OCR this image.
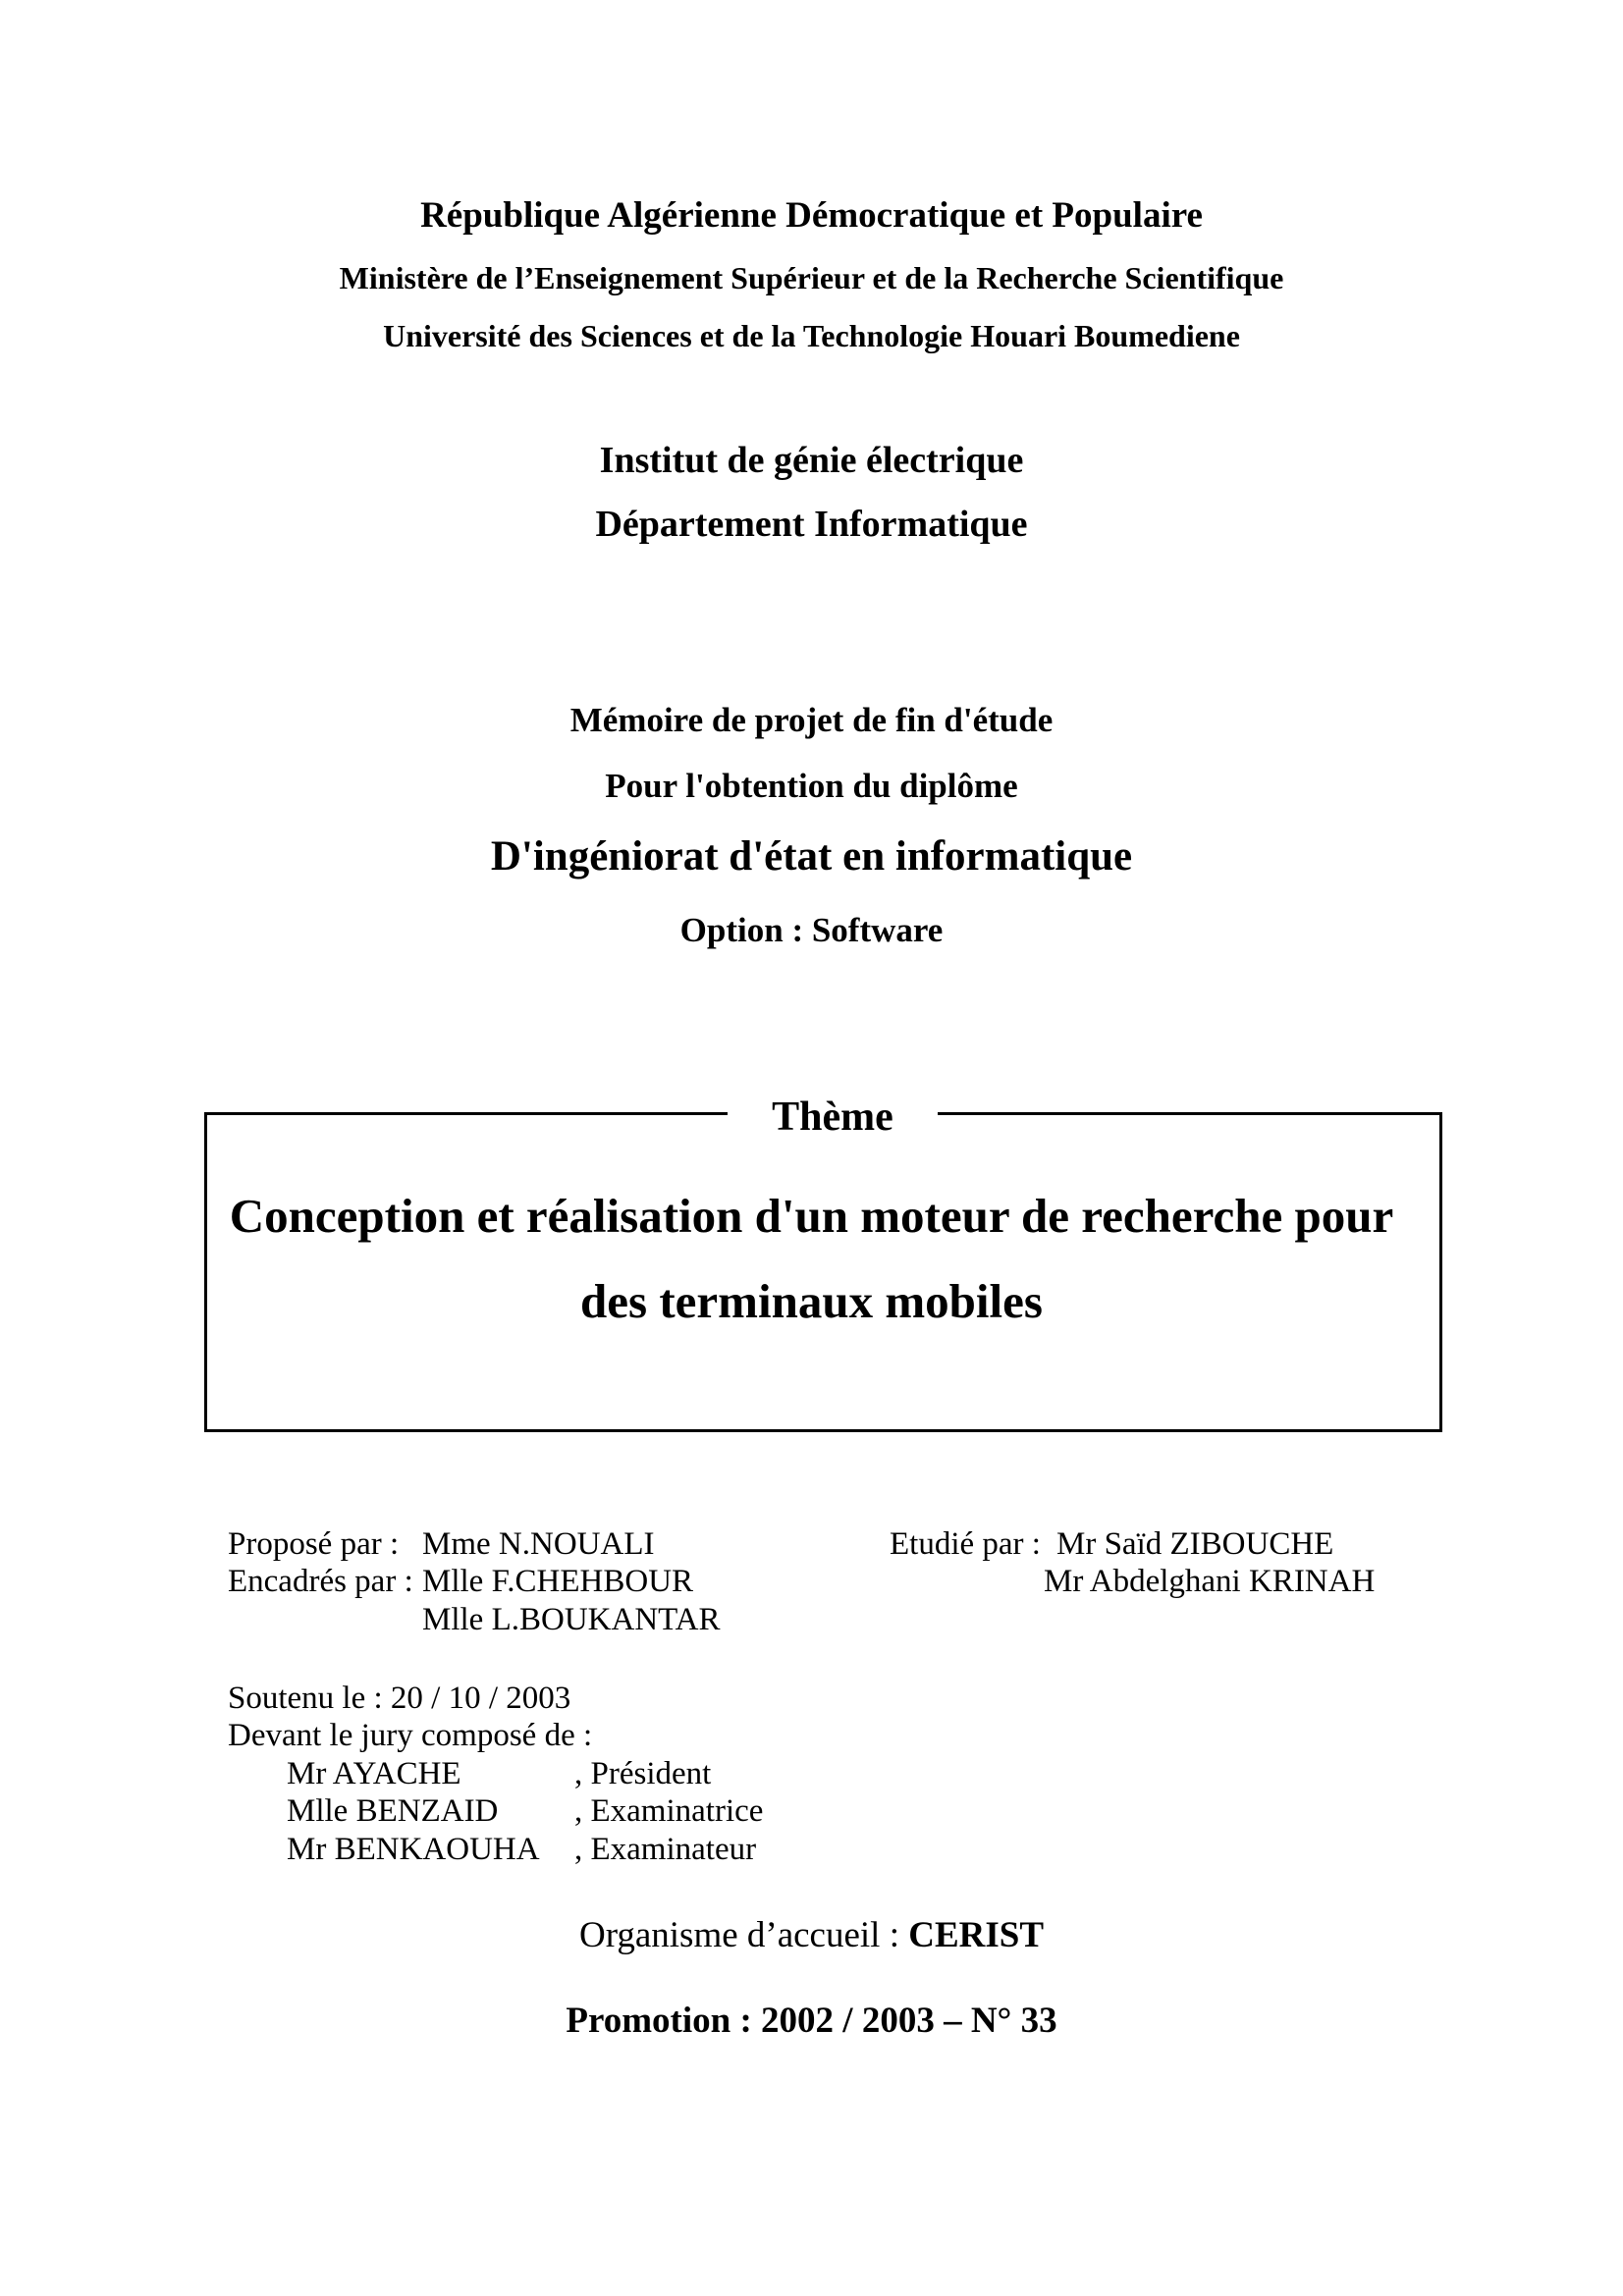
République Algérienne Démocratique et Populaire
Ministère de l’Enseignement Supérieur et de la Recherche Scientifique
Université des Sciences et de la Technologie Houari Boumediene
Institut de génie électrique
Département Informatique
Mémoire de projet de fin d'étude
Pour l'obtention du diplôme
D'ingéniorat d'état en informatique
Option : Software
Thème
Conception et réalisation d'un moteur de recherche pour
des terminaux mobiles
Proposé par : Mme N.NOUALI
Encadrés par : Mlle F.CHEHBOUR
Mlle L.BOUKANTAR
Etudié par : Mr Saïd ZIBOUCHE
Mr Abdelghani KRINAH
Soutenu le : 20 / 10 / 2003
Devant le jury composé de :
Mr AYACHE	, Président
Mlle BENZAID , Examinatrice
Mr BENKAOUHA , Examinateur
Organisme d’accueil : CERIST
Promotion : 2002 / 2003 – N° 33
